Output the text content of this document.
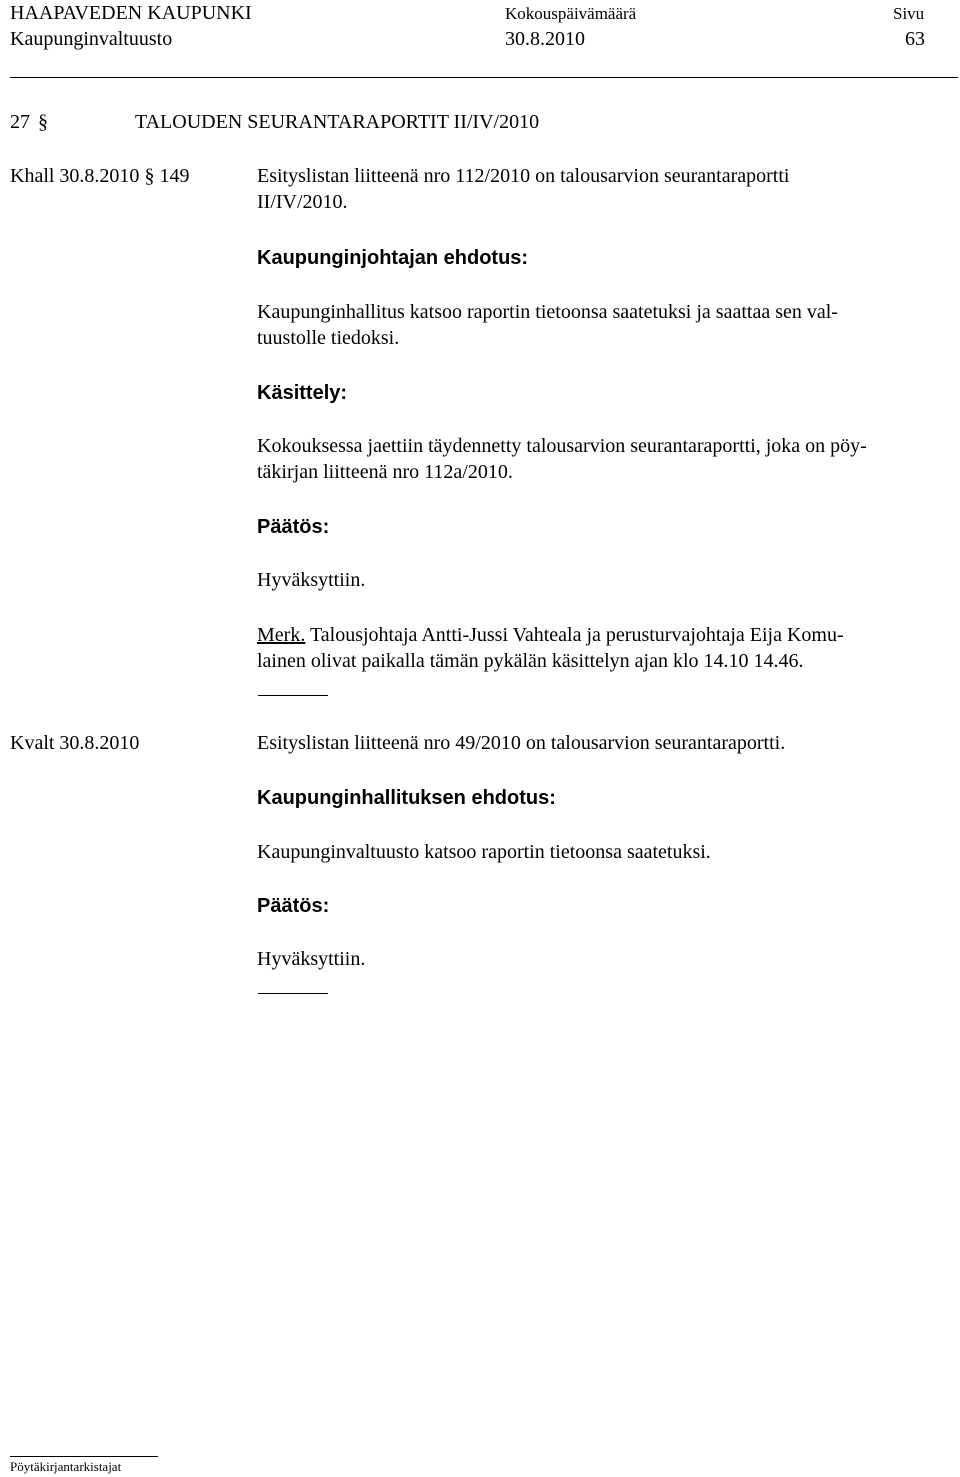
HAAPAVEDEN KAUPUNKI
Kaupunginvaltuusto
Kokouspäivämäärä
30.8.2010
Sivu
63
27 §	TALOUDEN SEURANTARAPORTIT II/IV/2010
Khall 30.8.2010 § 149	Esityslistan liitteenä nro 112/2010 on talousarvion seurantaraportti
II/IV/2010.
Kaupunginjohtajan ehdotus:
Kaupunginhallitus katsoo raportin tietoonsa saatetuksi ja saattaa sen val-
tuustolle tiedoksi.
Käsittely:
Kokouksessa jaettiin täydennetty talousarvion seurantaraportti, joka on pöy-
täkirjan liitteenä nro 112a/2010.
Päätös:
Hyväksyttiin.
Merk. Talousjohtaja Antti-Jussi Vahteala ja perusturvajohtaja Eija Komu-
lainen olivat paikalla tämän pykälän käsittelyn ajan klo 14.10 14.46.
Kvalt 30.8.2010	Esityslistan liitteenä nro 49/2010 on talousarvion seurantaraportti.
Kaupunginhallituksen ehdotus:
Kaupunginvaltuusto katsoo raportin tietoonsa saatetuksi.
Päätös:
Hyväksyttiin.
Pöytäkirjantarkistajat
